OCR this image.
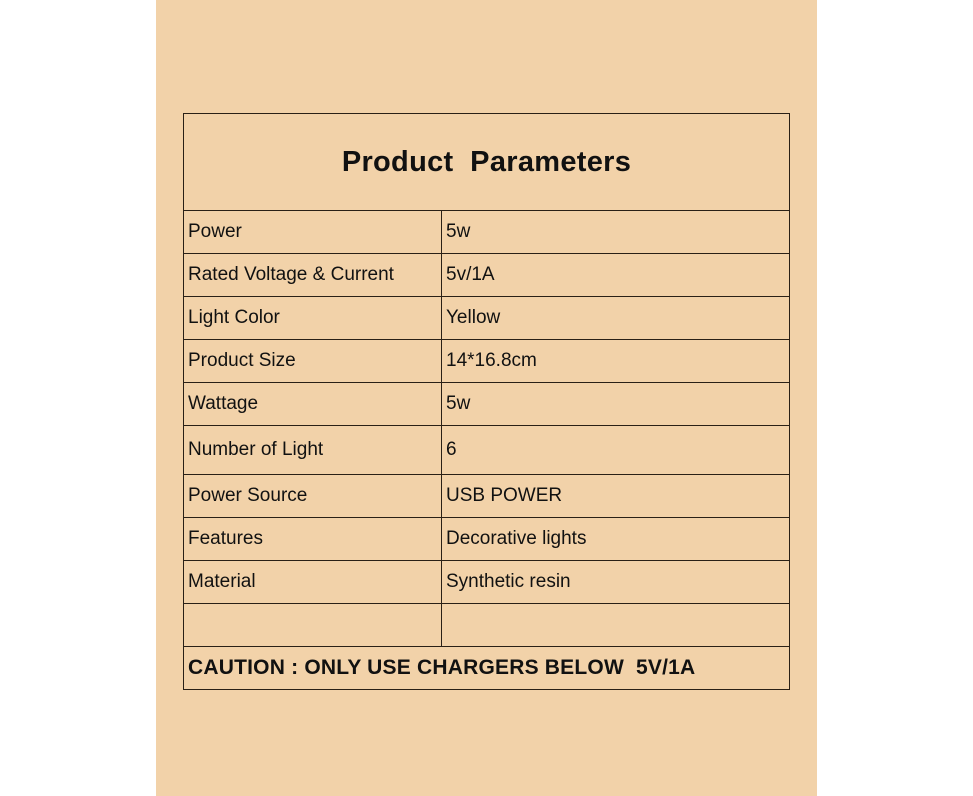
Product  Parameters	
Power	5w
Rated Voltage & Current	5v/1A
Light Color	Yellow
Product Size	14*16.8cm
Wattage	5w
Number of Light	6
Power Source	USB POWER
Features	Decorative lights
Material	Synthetic resin

CAUTION : ONLY USE CHARGERS BELOW  5V/1A	
